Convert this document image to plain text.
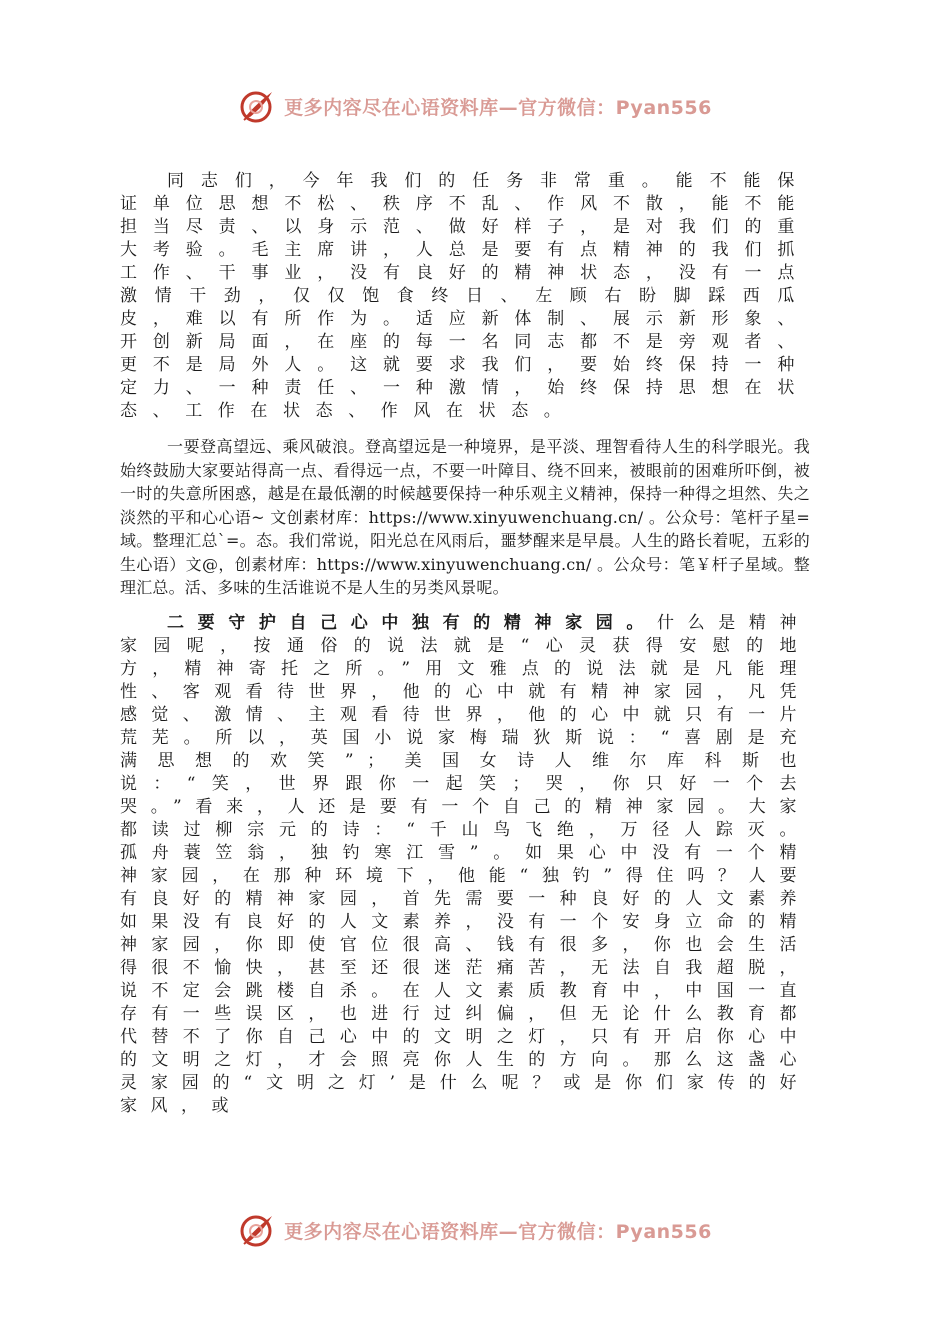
更多内容尽在心语资料库—官方微信：Pyan556

同志们，今年我们的任务非常重。能不能保证单位思想不松、秩序不乱、作风不散，能不能担当尽责、以身示范、做好样子，是对我们的重大考验。毛主席讲，人总是要有点精神的我们抓工作、干事业，没有良好的精神状态，没有一点激情干劲，仅仅饱食终日、左顾右盼脚踩西瓜皮，难以有所作为。适应新体制、展示新形象、开创新局面，在座的每一名同志都不是旁观者、更不是局外人。这就要求我们，要始终保持一种定力、一种责任、一种激情，始终保持思想在状态、工作在状态、作风在状态。

一要登高望远、乘风破浪。登高望远是一种境界，是平淡、理智看待人生的科学眼光。我始终鼓励大家要站得高一点、看得远一点，不要一叶障目、绕不回来，被眼前的困难所吓倒，被一时的失意所困惑，越是在最低潮的时候越要保持一种乐观主义精神，保持一种得之坦然、失之淡然的平和心心语~ 文创素材库：https://www.xinyuwenchuang.cn/ 。公众号：笔杆子星=域。整理汇总`=。态。我们常说，阳光总在风雨后，噩梦醒来是早晨。人生的路长着呢，五彩的生心语）文@，创素材库：https://www.xinyuwenchuang.cn/ 。公众号：笔￥杆子星域。整理汇总。活、多味的生活谁说不是人生的另类风景呢。

二要守护自己心中独有的精神家园。什么是精神家园呢，按通俗的说法就是“心灵获得安慰的地方，精神寄托之所。”用文雅点的说法就是凡能理性、客观看待世界，他的心中就有精神家园，凡凭感觉、激情、主观看待世界，他的心中就只有一片荒芜。所以，英国小说家梅瑞狄斯说：“喜剧是充满思想的欢笑”；美国女诗人维尔库科斯也说：“笑，世界跟你一起笑；哭，你只好一个去哭。”看来，人还是要有一个自己的精神家园。大家都读过柳宗元的诗：“千山鸟飞绝，万径人踪灭。孤舟蓑笠翁，独钓寒江雪”。如果心中没有一个精神家园，在那种环境下，他能“独钓”得住吗？人要有良好的精神家园，首先需要一种良好的人文素养如果没有良好的人文素养，没有一个安身立命的精神家园，你即使官位很高、钱有很多，你也会生活得很不愉快，甚至还很迷茫痛苦，无法自我超脱，说不定会跳楼自杀。在人文素质教育中，中国一直存有一些误区，也进行过纠偏，但无论什么教育都代替不了你自己心中的文明之灯，只有开启你心中的文明之灯，才会照亮你人生的方向。那么这盏心灵家园的“文明之灯’是什么呢？或是你们家传的好家风，或

更多内容尽在心语资料库—官方微信：Pyan556
